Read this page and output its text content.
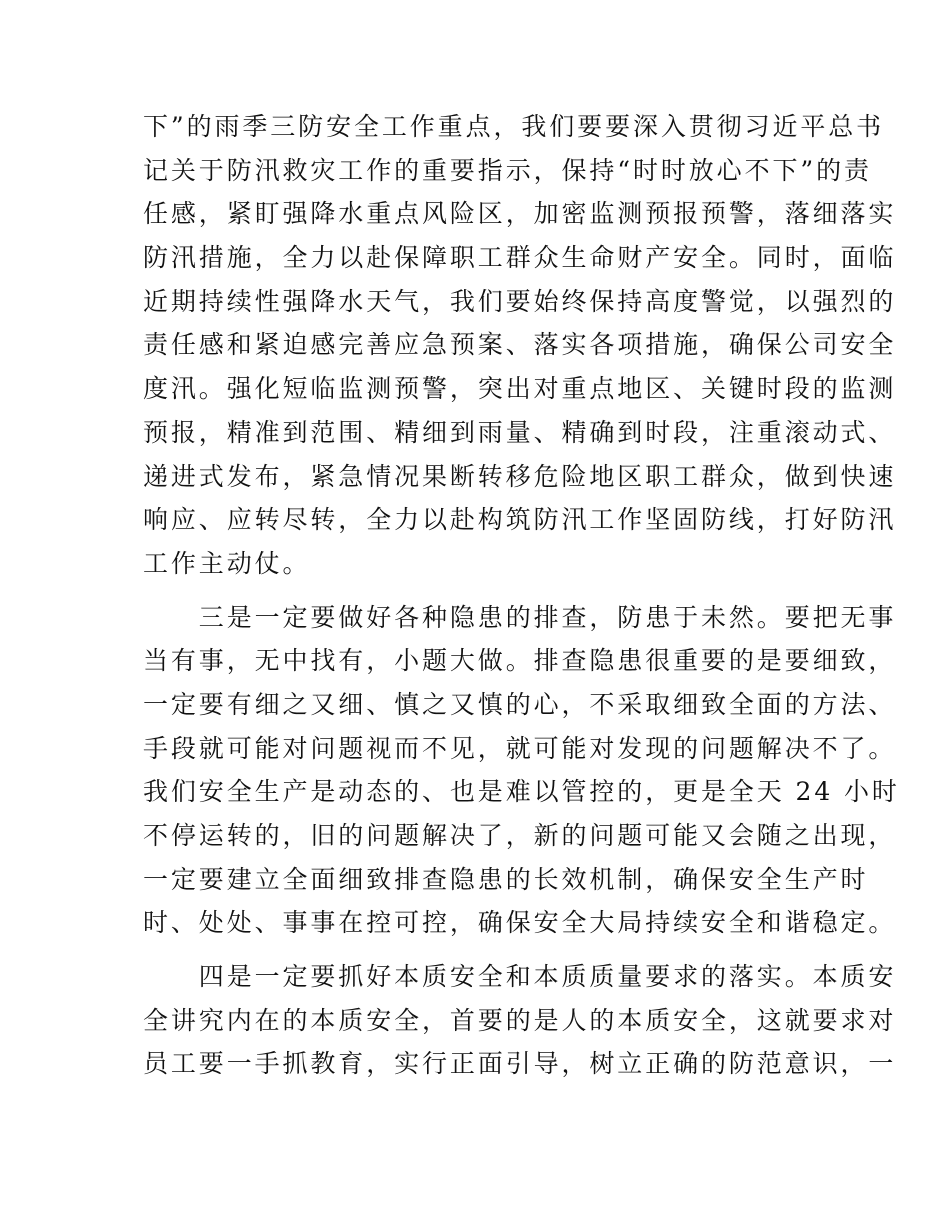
下”的雨季三防安全工作重点，我们要要深入贯彻习近平总书
记关于防汛救灾工作的重要指示，保持“时时放心不下”的责
任感，紧盯强降水重点风险区，加密监测预报预警，落细落实
防汛措施，全力以赴保障职工群众生命财产安全。同时，面临
近期持续性强降水天气，我们要始终保持高度警觉，以强烈的
责任感和紧迫感完善应急预案、落实各项措施，确保公司安全
度汛。强化短临监测预警，突出对重点地区、关键时段的监测
预报，精准到范围、精细到雨量、精确到时段，注重滚动式、
递进式发布，紧急情况果断转移危险地区职工群众，做到快速
响应、应转尽转，全力以赴构筑防汛工作坚固防线，打好防汛
工作主动仗。
　　三是一定要做好各种隐患的排查，防患于未然。要把无事
当有事，无中找有，小题大做。排查隐患很重要的是要细致，
一定要有细之又细、慎之又慎的心，不采取细致全面的方法、
手段就可能对问题视而不见，就可能对发现的问题解决不了。
我们安全生产是动态的、也是难以管控的，更是全天 24 小时
不停运转的，旧的问题解决了，新的问题可能又会随之出现，
一定要建立全面细致排查隐患的长效机制，确保安全生产时
时、处处、事事在控可控，确保安全大局持续安全和谐稳定。
　　四是一定要抓好本质安全和本质质量要求的落实。本质安
全讲究内在的本质安全，首要的是人的本质安全，这就要求对
员工要一手抓教育，实行正面引导，树立正确的防范意识，一
